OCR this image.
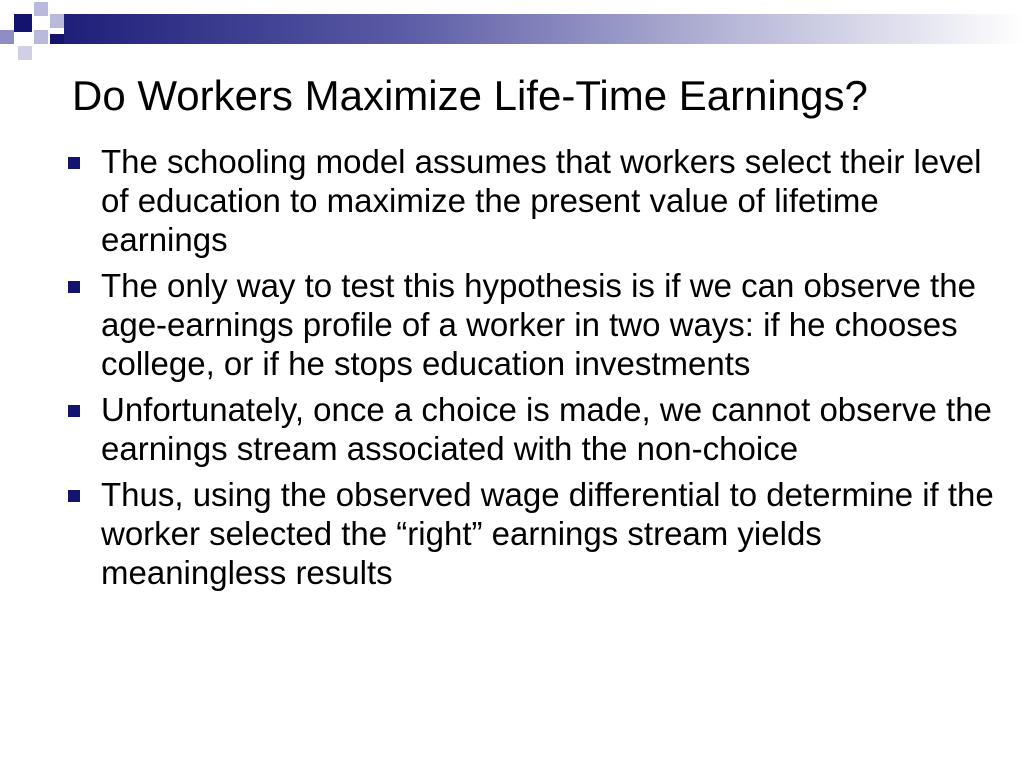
Do Workers Maximize Life-Time Earnings?
The schooling model assumes that workers select their level of education to maximize the present value of lifetime earnings
The only way to test this hypothesis is if we can observe the age-earnings profile of a worker in two ways: if he chooses college, or if he stops education investments
Unfortunately, once a choice is made, we cannot observe the earnings stream associated with the non-choice
Thus, using the observed wage differential to determine if the worker selected the “right” earnings stream yields meaningless results
